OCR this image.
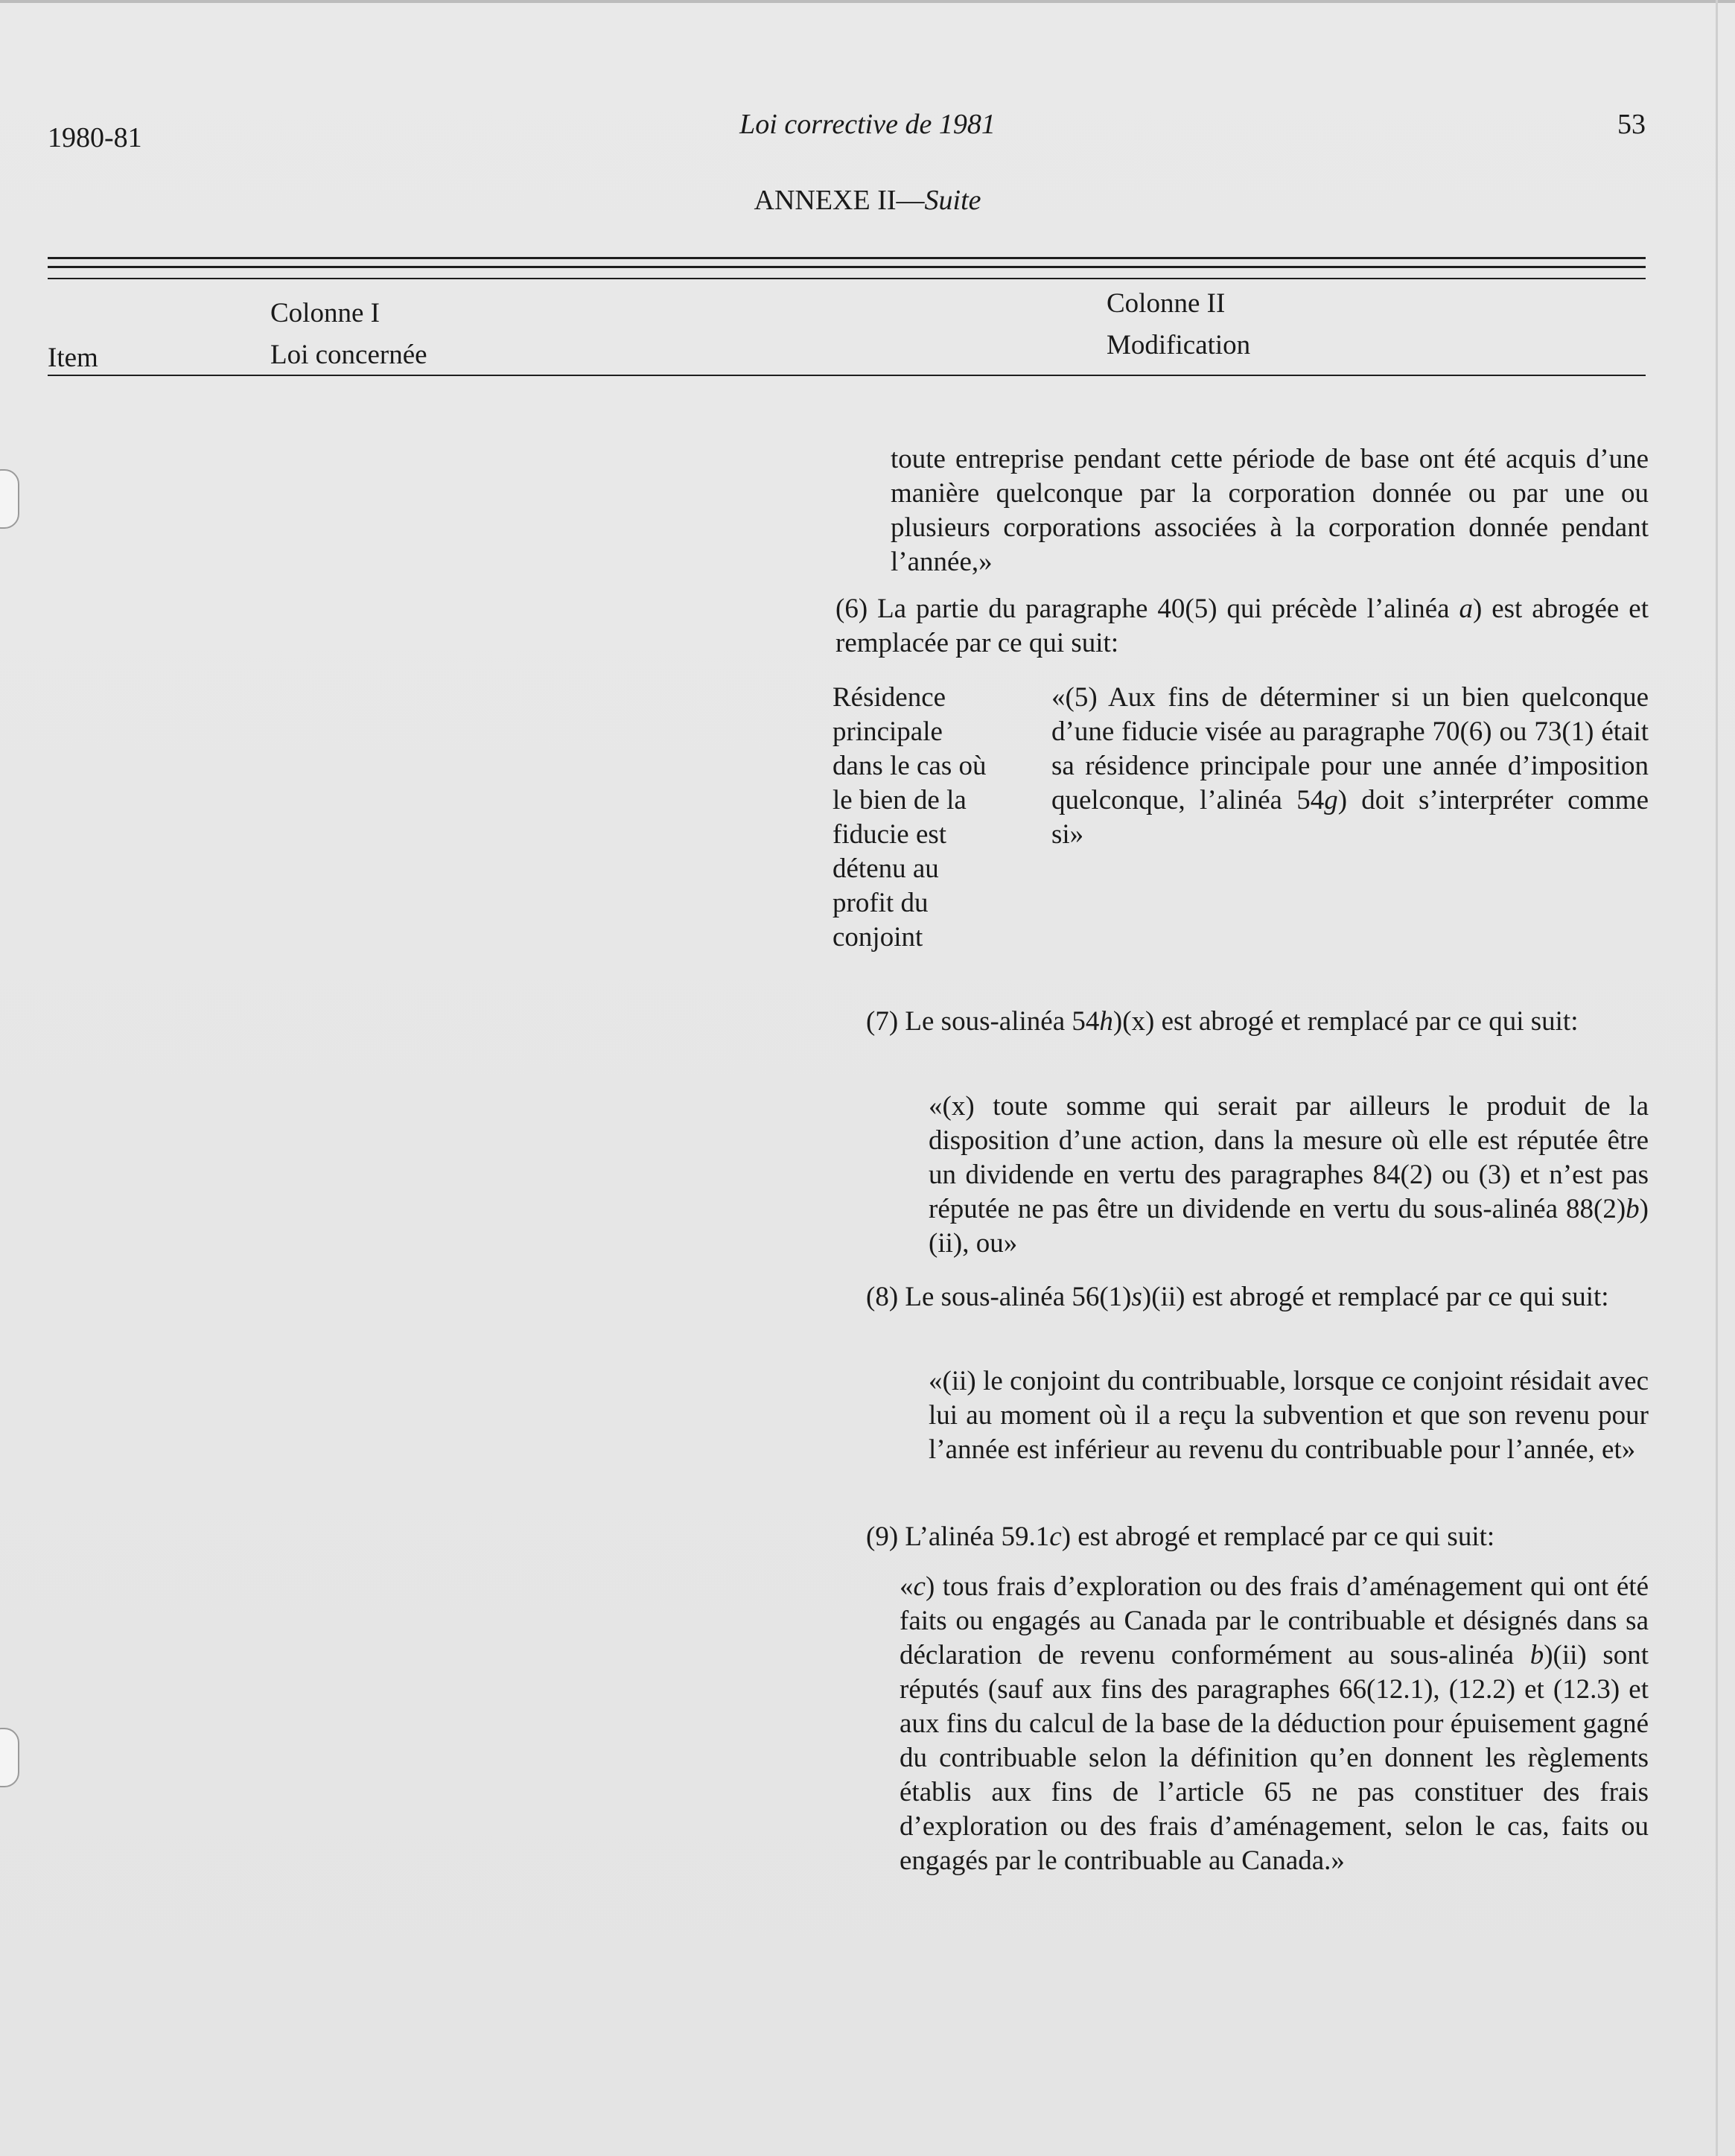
1980-81	Loi corrective de 1981	53
ANNEXE II—Suite
Item
Colonne I
Loi concernée
Colonne II
Modification

toute entreprise pendant cette période de base ont été acquis d’une manière quelconque par la corporation donnée ou par une ou plusieurs corporations associées à la corporation donnée pendant l’année,»

(6) La partie du paragraphe 40(5) qui précède l’alinéa a) est abrogée et remplacée par ce qui suit:

Résidence
principale
dans le cas où
le bien de la
fiducie est
détenu au
profit du
conjoint

«(5) Aux fins de déterminer si un bien quelconque d’une fiducie visée au paragraphe 70(6) ou 73(1) était sa résidence principale pour une année d’imposition quelconque, l’alinéa 54g) doit s’interpréter comme si»

(7) Le sous-alinéa 54h)(x) est abrogé et remplacé par ce qui suit:

«(x) toute somme qui serait par ailleurs le produit de la disposition d’une action, dans la mesure où elle est réputée être un dividende en vertu des paragraphes 84(2) ou (3) et n’est pas réputée ne pas être un dividende en vertu du sous-alinéa 88(2)b)(ii), ou»

(8) Le sous-alinéa 56(1)s)(ii) est abrogé et remplacé par ce qui suit:

«(ii) le conjoint du contribuable, lorsque ce conjoint résidait avec lui au moment où il a reçu la subvention et que son revenu pour l’année est inférieur au revenu du contribuable pour l’année, et»

(9) L’alinéa 59.1c) est abrogé et remplacé par ce qui suit:

«c) tous frais d’exploration ou des frais d’aménagement qui ont été faits ou engagés au Canada par le contribuable et désignés dans sa déclaration de revenu conformément au sous-alinéa b)(ii) sont réputés (sauf aux fins des paragraphes 66(12.1), (12.2) et (12.3) et aux fins du calcul de la base de la déduction pour épuisement gagné du contribuable selon la définition qu’en donnent les règlements établis aux fins de l’article 65 ne pas constituer des frais d’exploration ou des frais d’aménagement, selon le cas, faits ou engagés par le contribuable au Canada.»
